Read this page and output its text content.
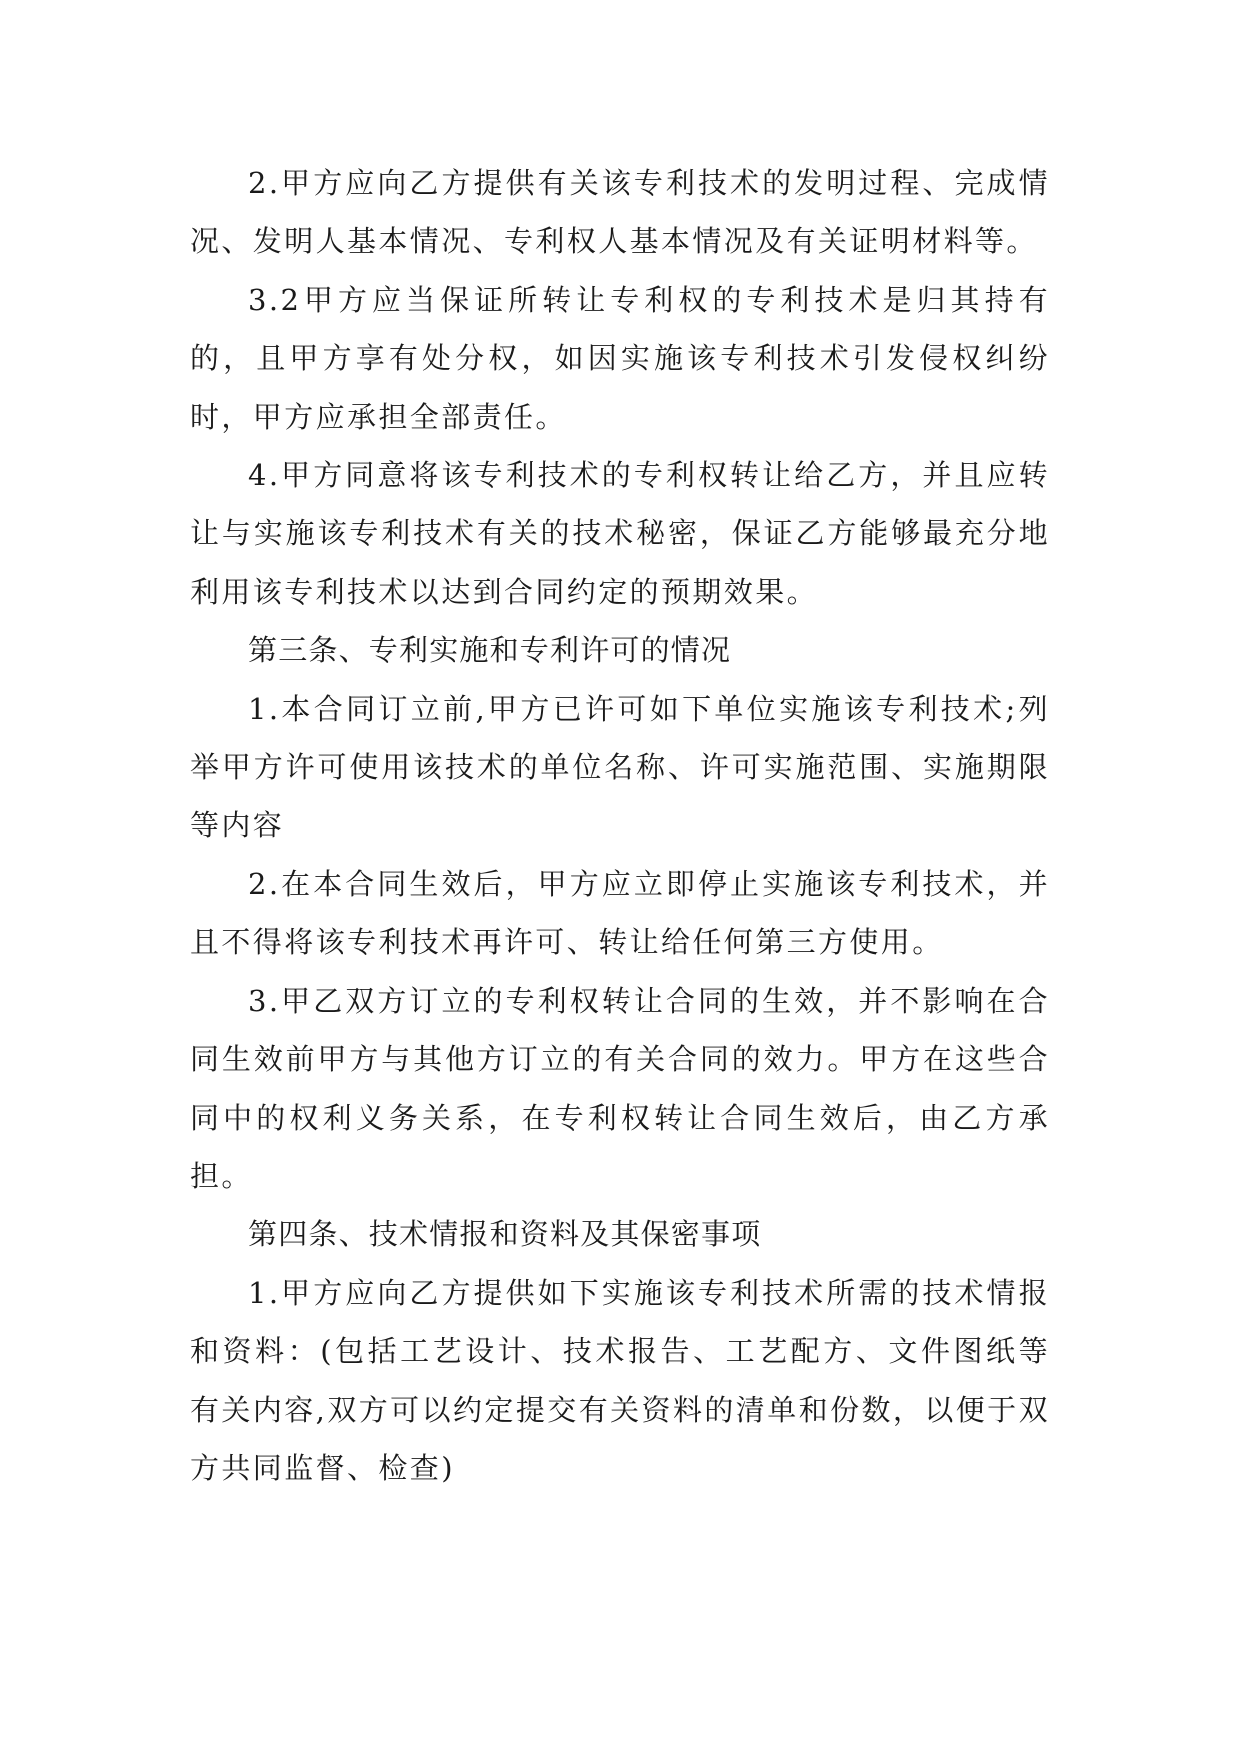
2.甲方应向乙方提供有关该专利技术的发明过程、完成情况、发明人基本情况、专利权人基本情况及有关证明材料等。

3.2甲方应当保证所转让专利权的专利技术是归其持有的，且甲方享有处分权，如因实施该专利技术引发侵权纠纷时，甲方应承担全部责任。

4.甲方同意将该专利技术的专利权转让给乙方，并且应转让与实施该专利技术有关的技术秘密，保证乙方能够最充分地利用该专利技术以达到合同约定的预期效果。

第三条、专利实施和专利许可的情况

1.本合同订立前,甲方已许可如下单位实施该专利技术;列举甲方许可使用该技术的单位名称、许可实施范围、实施期限等内容

2.在本合同生效后，甲方应立即停止实施该专利技术，并且不得将该专利技术再许可、转让给任何第三方使用。

3.甲乙双方订立的专利权转让合同的生效，并不影响在合同生效前甲方与其他方订立的有关合同的效力。甲方在这些合同中的权利义务关系，在专利权转让合同生效后，由乙方承担。

第四条、技术情报和资料及其保密事项

1.甲方应向乙方提供如下实施该专利技术所需的技术情报和资料：(包括工艺设计、技术报告、工艺配方、文件图纸等有关内容,双方可以约定提交有关资料的清单和份数，以便于双方共同监督、检查)
